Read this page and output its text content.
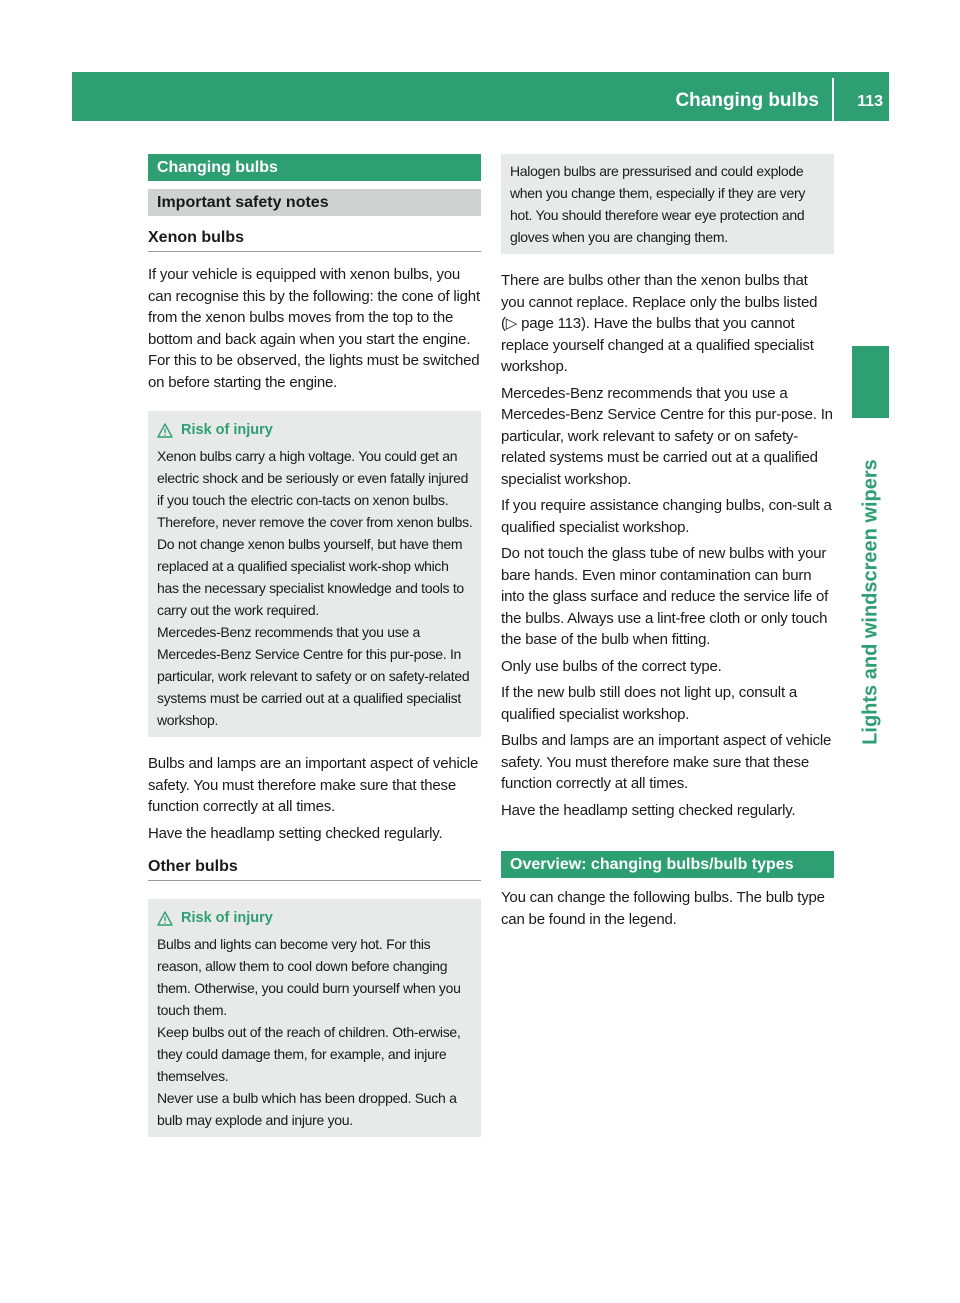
Changing bulbs 113
Lights and windscreen wipers
Changing bulbs
Important safety notes
Xenon bulbs

If your vehicle is equipped with xenon bulbs, you can recognise this by the following: the cone of light from the xenon bulbs moves from the top to the bottom and back again when you start the engine. For this to be observed, the lights must be switched on before starting the engine.

Risk of injury

Xenon bulbs carry a high voltage. You could get an electric shock and be seriously or even fatally injured if you touch the electric con-tacts on xenon bulbs. Therefore, never remove the cover from xenon bulbs.

Do not change xenon bulbs yourself, but have them replaced at a qualified specialist work-shop which has the necessary specialist knowledge and tools to carry out the work required.

Mercedes-Benz recommends that you use a Mercedes-Benz Service Centre for this pur-pose. In particular, work relevant to safety or on safety-related systems must be carried out at a qualified specialist workshop.

Bulbs and lamps are an important aspect of vehicle safety. You must therefore make sure that these function correctly at all times.

Have the headlamp setting checked regularly.

Other bulbs
Risk of injury

Bulbs and lights can become very hot. For this reason, allow them to cool down before changing them. Otherwise, you could burn yourself when you touch them.

Keep bulbs out of the reach of children. Oth-erwise, they could damage them, for example, and injure themselves.

Never use a bulb which has been dropped. Such a bulb may explode and injure you.

Halogen bulbs are pressurised and could explode when you change them, especially if they are very hot. You should therefore wear eye protection and gloves when you are changing them.

There are bulbs other than the xenon bulbs that you cannot replace. Replace only the bulbs listed (▷ page 113). Have the bulbs that you cannot replace yourself changed at a qualified specialist workshop.

Mercedes-Benz recommends that you use a Mercedes-Benz Service Centre for this pur-pose. In particular, work relevant to safety or on safety-related systems must be carried out at a qualified specialist workshop.

If you require assistance changing bulbs, con-sult a qualified specialist workshop.

Do not touch the glass tube of new bulbs with your bare hands. Even minor contamination can burn into the glass surface and reduce the service life of the bulbs. Always use a lint-free cloth or only touch the base of the bulb when fitting.

Only use bulbs of the correct type.

If the new bulb still does not light up, consult a qualified specialist workshop.

Bulbs and lamps are an important aspect of vehicle safety. You must therefore make sure that these function correctly at all times.

Have the headlamp setting checked regularly.

Overview: changing bulbs/bulb types

You can change the following bulbs. The bulb type can be found in the legend.
